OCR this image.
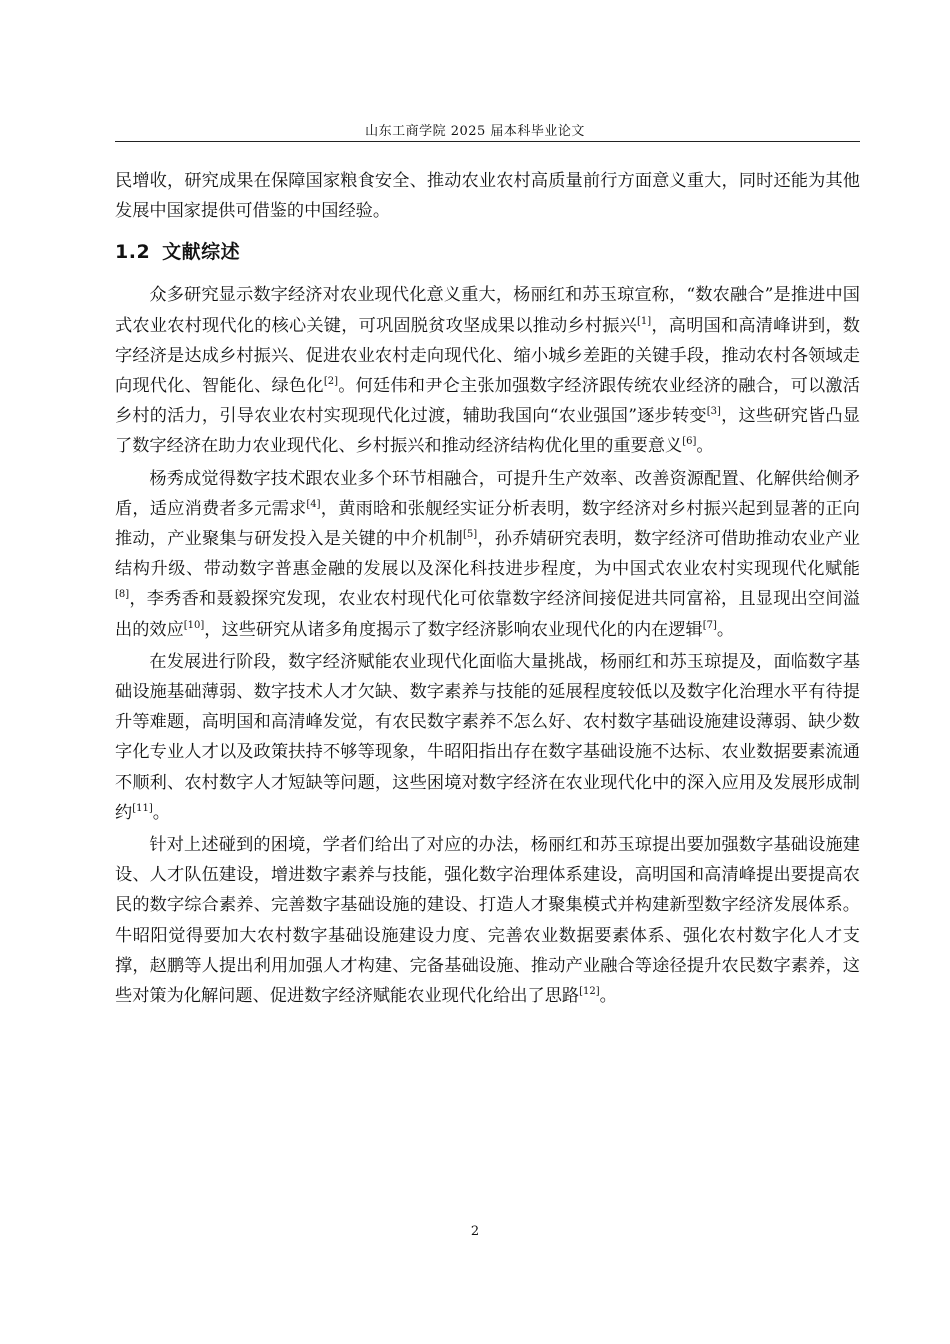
山东工商学院 2025 届本科毕业论文

民增收，研究成果在保障国家粮食安全、推动农业农村高质量前行方面意义重大，同时还能为其他发展中国家提供可借鉴的中国经验。

1.2 文献综述

众多研究显示数字经济对农业现代化意义重大，杨丽红和苏玉琼宣称，“数农融合”是推进中国式农业农村现代化的核心关键，可巩固脱贫攻坚成果以推动乡村振兴[1]，高明国和高清峰讲到，数字经济是达成乡村振兴、促进农业农村走向现代化、缩小城乡差距的关键手段，推动农村各领域走向现代化、智能化、绿色化[2]。何廷伟和尹仑主张加强数字经济跟传统农业经济的融合，可以激活乡村的活力，引导农业农村实现现代化过渡，辅助我国向“农业强国”逐步转变[3]，这些研究皆凸显了数字经济在助力农业现代化、乡村振兴和推动经济结构优化里的重要意义[6]。

杨秀成觉得数字技术跟农业多个环节相融合，可提升生产效率、改善资源配置、化解供给侧矛盾，适应消费者多元需求[4]，黄雨晗和张舰经实证分析表明，数字经济对乡村振兴起到显著的正向推动，产业聚集与研发投入是关键的中介机制[5]，孙乔婧研究表明，数字经济可借助推动农业产业结构升级、带动数字普惠金融的发展以及深化科技进步程度，为中国式农业农村实现现代化赋能[8]，李秀香和聂毅探究发现，农业农村现代化可依靠数字经济间接促进共同富裕，且显现出空间溢出的效应[10]，这些研究从诸多角度揭示了数字经济影响农业现代化的内在逻辑[7]。

在发展进行阶段，数字经济赋能农业现代化面临大量挑战，杨丽红和苏玉琼提及，面临数字基础设施基础薄弱、数字技术人才欠缺、数字素养与技能的延展程度较低以及数字化治理水平有待提升等难题，高明国和高清峰发觉，有农民数字素养不怎么好、农村数字基础设施建设薄弱、缺少数字化专业人才以及政策扶持不够等现象，牛昭阳指出存在数字基础设施不达标、农业数据要素流通不顺利、农村数字人才短缺等问题，这些困境对数字经济在农业现代化中的深入应用及发展形成制约[11]。

针对上述碰到的困境，学者们给出了对应的办法，杨丽红和苏玉琼提出要加强数字基础设施建设、人才队伍建设，增进数字素养与技能，强化数字治理体系建设，高明国和高清峰提出要提高农民的数字综合素养、完善数字基础设施的建设、打造人才聚集模式并构建新型数字经济发展体系。牛昭阳觉得要加大农村数字基础设施建设力度、完善农业数据要素体系、强化农村数字化人才支撑，赵鹏等人提出利用加强人才构建、完备基础设施、推动产业融合等途径提升农民数字素养，这些对策为化解问题、促进数字经济赋能农业现代化给出了思路[12]。

2
